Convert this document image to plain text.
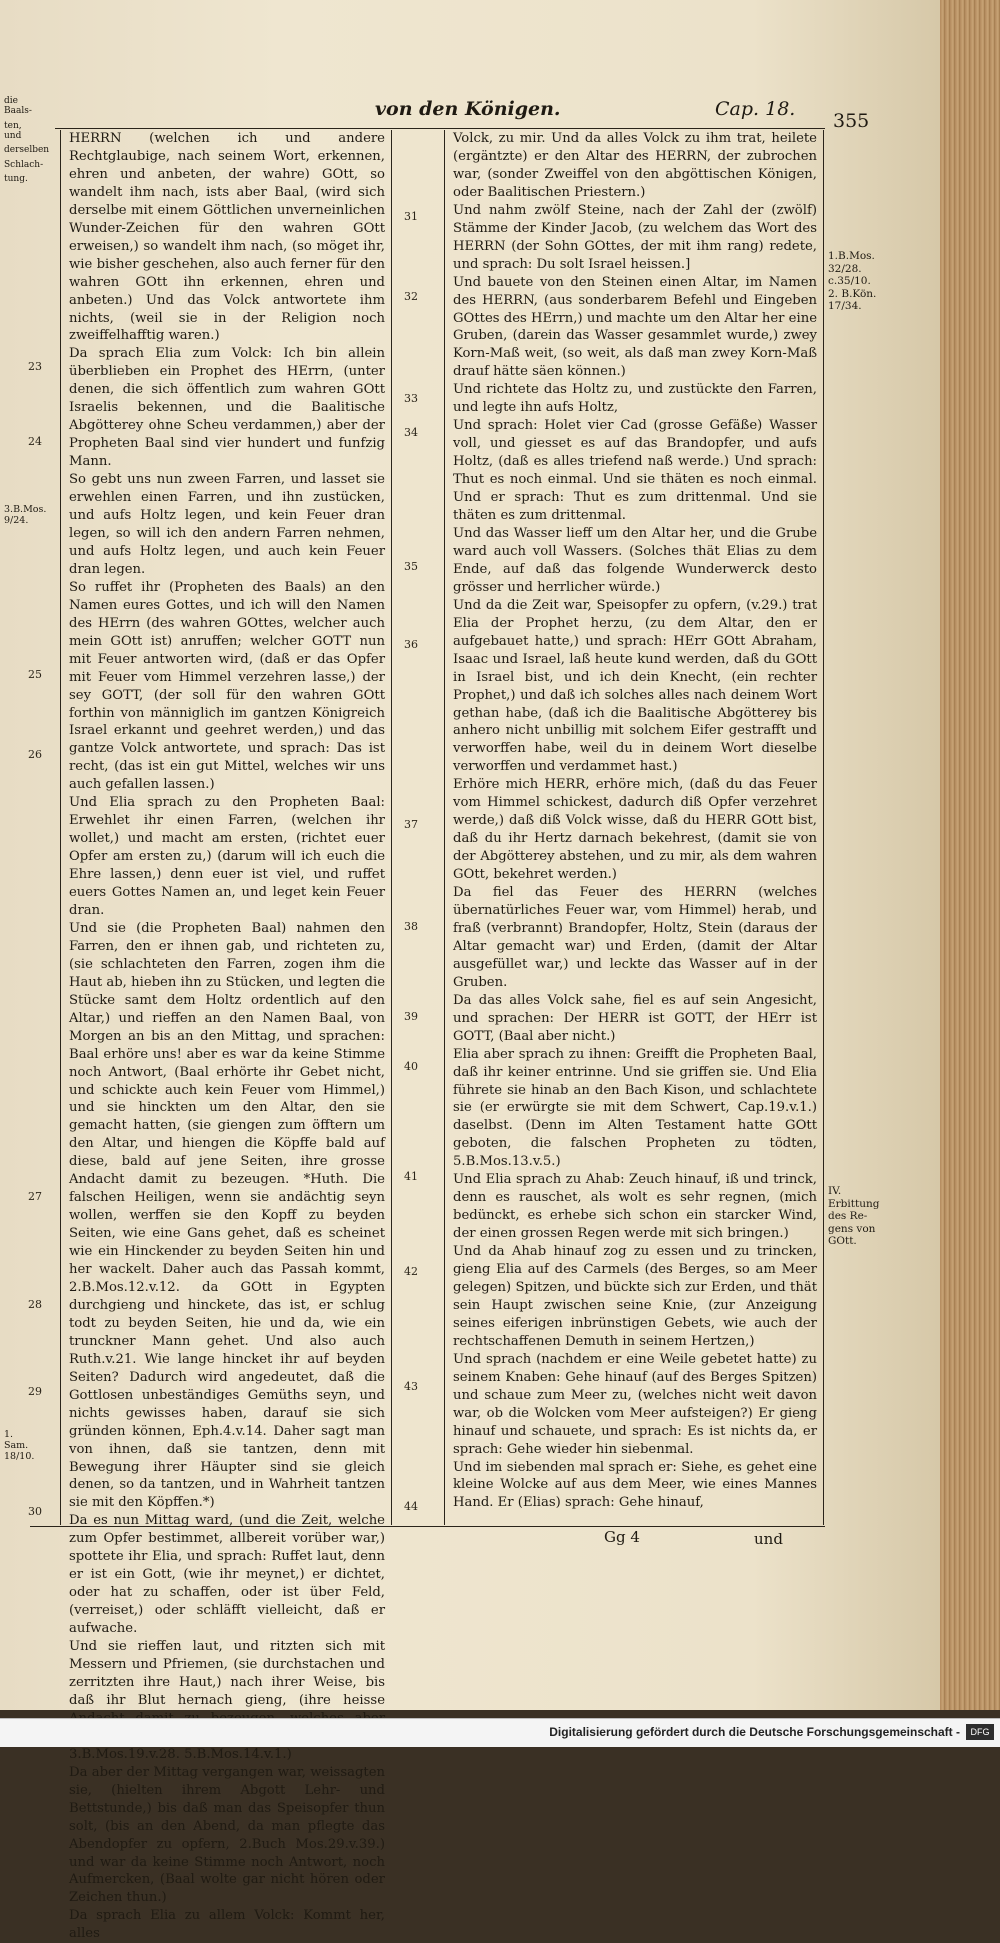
von den Königen.	Cap. 18.
355
die Baals-
ten, und
derselben
Schlach-
tung.
3.B.Mos.
9/24.
1. Sam.
18/10.
1.B.Mos.
32/28.
c.35/10.
2. B.Kön.
17/34.
IV.
Erbittung
des Re-
gens von
GOtt.
23
24
25
26
27
28
29
30
31
32
33
34
35
36
37
38
39
40
41
42
43
44

HERRN (welchen ich und andere Rechtglaubige, nach seinem Wort, erkennen, ehren und anbeten, der wahre) GOtt, so wandelt ihm nach, ists aber Baal, (wird sich derselbe mit einem Göttlichen unverneinlichen Wunder-Zeichen für den wahren GOtt erweisen,) so wandelt ihm nach, (so möget ihr, wie bisher geschehen, also auch ferner für den wahren GOtt ihn erkennen, ehren und anbeten.) Und das Volck antwortete ihm nichts, (weil sie in der Religion noch zweiffelhafftig waren.)

Da sprach Elia zum Volck: Ich bin allein überblieben ein Prophet des HErrn, (unter denen, die sich öffentlich zum wahren GOtt Israelis bekennen, und die Baalitische Abgötterey ohne Scheu verdammen,) aber der Propheten Baal sind vier hundert und funfzig Mann.

So gebt uns nun zween Farren, und lasset sie erwehlen einen Farren, und ihn zustücken, und aufs Holtz legen, und kein Feuer dran legen, so will ich den andern Farren nehmen, und aufs Holtz legen, und auch kein Feuer dran legen.

So ruffet ihr (Propheten des Baals) an den Namen eures Gottes, und ich will den Namen des HErrn (des wahren GOttes, welcher auch mein GOtt ist) anruffen; welcher GOTT nun mit Feuer antworten wird, (daß er das Opfer mit Feuer vom Himmel verzehren lasse,) der sey GOTT, (der soll für den wahren GOtt forthin von männiglich im gantzen Königreich Israel erkannt und geehret werden,) und das gantze Volck antwortete, und sprach: Das ist recht, (das ist ein gut Mittel, welches wir uns auch gefallen lassen.)

Und Elia sprach zu den Propheten Baal: Erwehlet ihr einen Farren, (welchen ihr wollet,) und macht am ersten, (richtet euer Opfer am ersten zu,) (darum will ich euch die Ehre lassen,) denn euer ist viel, und ruffet euers Gottes Namen an, und leget kein Feuer dran.

Und sie (die Propheten Baal) nahmen den Farren, den er ihnen gab, und richteten zu, (sie schlachteten den Farren, zogen ihm die Haut ab, hieben ihn zu Stücken, und legten die Stücke samt dem Holtz ordentlich auf den Altar,) und rieffen an den Namen Baal, von Morgen an bis an den Mittag, und sprachen: Baal erhöre uns! aber es war da keine Stimme noch Antwort, (Baal erhörte ihr Gebet nicht, und schickte auch kein Feuer vom Himmel,) und sie hinckten um den Altar, den sie gemacht hatten, (sie giengen zum öfftern um den Altar, und hiengen die Köpffe bald auf diese, bald auf jene Seiten, ihre grosse Andacht damit zu bezeugen. *Huth. Die falschen Heiligen, wenn sie andächtig seyn wollen, werffen sie den Kopff zu beyden Seiten, wie eine Gans gehet, daß es scheinet wie ein Hinckender zu beyden Seiten hin und her wackelt. Daher auch das Passah kommt, 2.B.Mos.12.v.12. da GOtt in Egypten durchgieng und hinckete, das ist, er schlug todt zu beyden Seiten, hie und da, wie ein trunckner Mann gehet. Und also auch Ruth.v.21. Wie lange hincket ihr auf beyden Seiten? Dadurch wird angedeutet, daß die Gottlosen unbeständiges Gemüths seyn, und nichts gewisses haben, darauf sie sich gründen können, Eph.4.v.14. Daher sagt man von ihnen, daß sie tantzen, denn mit Bewegung ihrer Häupter sind sie gleich denen, so da tantzen, und in Wahrheit tantzen sie mit den Köpffen.*)

Da es nun Mittag ward, (und die Zeit, welche zum Opfer bestimmet, allbereit vorüber war,) spottete ihr Elia, und sprach: Ruffet laut, denn er ist ein Gott, (wie ihr meynet,) er dichtet, oder hat zu schaffen, oder ist über Feld, (verreiset,) oder schläfft vielleicht, daß er aufwache.

Und sie rieffen laut, und ritzten sich mit Messern und Pfriemen, (sie durchstachen und zerritzten ihre Haut,) nach ihrer Weise, bis daß ihr Blut hernach gieng, (ihre heisse 3.B.Mos.19.v.28. 5.B.Mos.14.v.1.)

Da aber der Mittag vergangen war, weissagten sie, (hielten ihrem Abgott Lehr- und Bettstunde,) bis daß man das Speisopfer thun solt, (bis an den Abend, da man pflegte das Abendopfer zu opfern, 2.Buch Mos.29.v.39.) und war da keine Stimme noch Antwort, noch Aufmercken, (Baal wolte gar nicht hören oder Zeichen thun.)

Da sprach Elia zu allem Volck: Kommt her, alles

Volck, zu mir. Und da alles Volck zu ihm trat, heilete (ergäntzte) er den Altar des HERRN, der zubrochen war, (sonder Zweiffel von den abgöttischen Königen, oder Baalitischen Priestern.)

Und nahm zwölf Steine, nach der Zahl der (zwölf) Stämme der Kinder Jacob, (zu welchem das Wort des HERRN (der Sohn GOttes, der mit ihm rang) redete, und sprach: Du solt Israel heissen.]

Und bauete von den Steinen einen Altar, im Namen des HERRN, (aus sonderbarem Befehl und Eingeben GOttes des HErrn,) und machte um den Altar her eine Gruben, (darein das Wasser gesammlet wurde,) zwey Korn-Maß weit, (so weit, als daß man zwey Korn-Maß drauf hätte säen können.)

Und richtete das Holtz zu, und zustückte den Farren, und legte ihn aufs Holtz,

Und sprach: Holet vier Cad (grosse Gefäße) Wasser voll, und giesset es auf das Brandopfer, und aufs Holtz, (daß es alles triefend naß werde.) Und sprach: Thut es noch einmal. Und sie thäten es noch einmal. Und er sprach: Thut es zum drittenmal. Und sie thäten es zum drittenmal.

Und das Wasser lieff um den Altar her, und die Grube ward auch voll Wassers. (Solches thät Elias zu dem Ende, auf daß das folgende Wunderwerck desto grösser und herrlicher würde.)

Und da die Zeit war, Speisopfer zu opfern, (v.29.) trat Elia der Prophet herzu, (zu dem Altar, den er aufgebauet hatte,) und sprach: HErr GOtt Abraham, Isaac und Israel, laß heute kund werden, daß du GOtt in Israel bist, und ich dein Knecht, (ein rechter Prophet,) und daß ich solches alles nach deinem Wort gethan habe, (daß ich die Baalitische Abgötterey bis anhero nicht unbillig mit solchem Eifer gestrafft und verworffen habe, weil du in deinem Wort dieselbe verworffen und verdammet hast.)

Erhöre mich HERR, erhöre mich, (daß du das Feuer vom Himmel schickest, dadurch diß Opfer verzehret werde,) daß diß Volck wisse, daß du HERR GOtt bist, daß du ihr Hertz darnach bekehrest, (damit sie von der Abgötterey abstehen, und zu mir, als dem wahren GOtt, bekehret werden.)

Da fiel das Feuer des HERRN (welches übernatürliches Feuer war, vom Himmel) herab, und fraß (verbrannt) Brandopfer, Holtz, Stein (daraus der Altar gemacht war) und Erden, (damit der Altar ausgefüllet war,) und leckte das Wasser auf in der Gruben.

Da das alles Volck sahe, fiel es auf sein Angesicht, und sprachen: Der HERR ist GOTT, der HErr ist GOTT, (Baal aber nicht.)

Elia aber sprach zu ihnen: Greifft die Propheten Baal, daß ihr keiner entrinne. Und sie griffen sie. Und Elia führete sie hinab an den Bach Kison, und schlachtete sie (er erwürgte sie mit dem Schwert, Cap.19.v.1.) daselbst. (Denn im Alten Testament hatte GOtt geboten, die falschen Propheten zu tödten, 5.B.Mos.13.v.5.)

Und Elia sprach zu Ahab: Zeuch hinauf, iß und trinck, denn es rauschet, als wolt es sehr regnen, (mich bedünckt, es erhebe sich schon ein starcker Wind, der einen grossen Regen werde mit sich bringen.)

Und da Ahab hinauf zog zu essen und zu trincken, gieng Elia auf des Carmels (des Berges, so am Meer gelegen) Spitzen, und bückte sich zur Erden, und thät sein Haupt zwischen seine Knie, (zur Anzeigung seines eiferigen inbrünstigen Gebets, wie auch der rechtschaffenen Demuth in seinem Hertzen,)

Und sprach (nachdem er eine Weile gebetet hatte) zu seinem Knaben: Gehe hinauf (auf des Berges Spitzen) und schaue zum Meer zu, (welches nicht weit davon war, ob die Wolcken vom Meer aufsteigen?) Er gieng hinauf und schauete, und sprach: Es ist nichts da, er sprach: Gehe wieder hin siebenmal.

Und im siebenden mal sprach er: Siehe, es gehet eine kleine Wolcke auf aus dem Meer, wie eines Mannes Hand. Er (Elias) sprach: Gehe hinauf,

Gg 4	und
Digitalisierung gefördert durch die Deutsche Forschungsgemeinschaft -	DFG
